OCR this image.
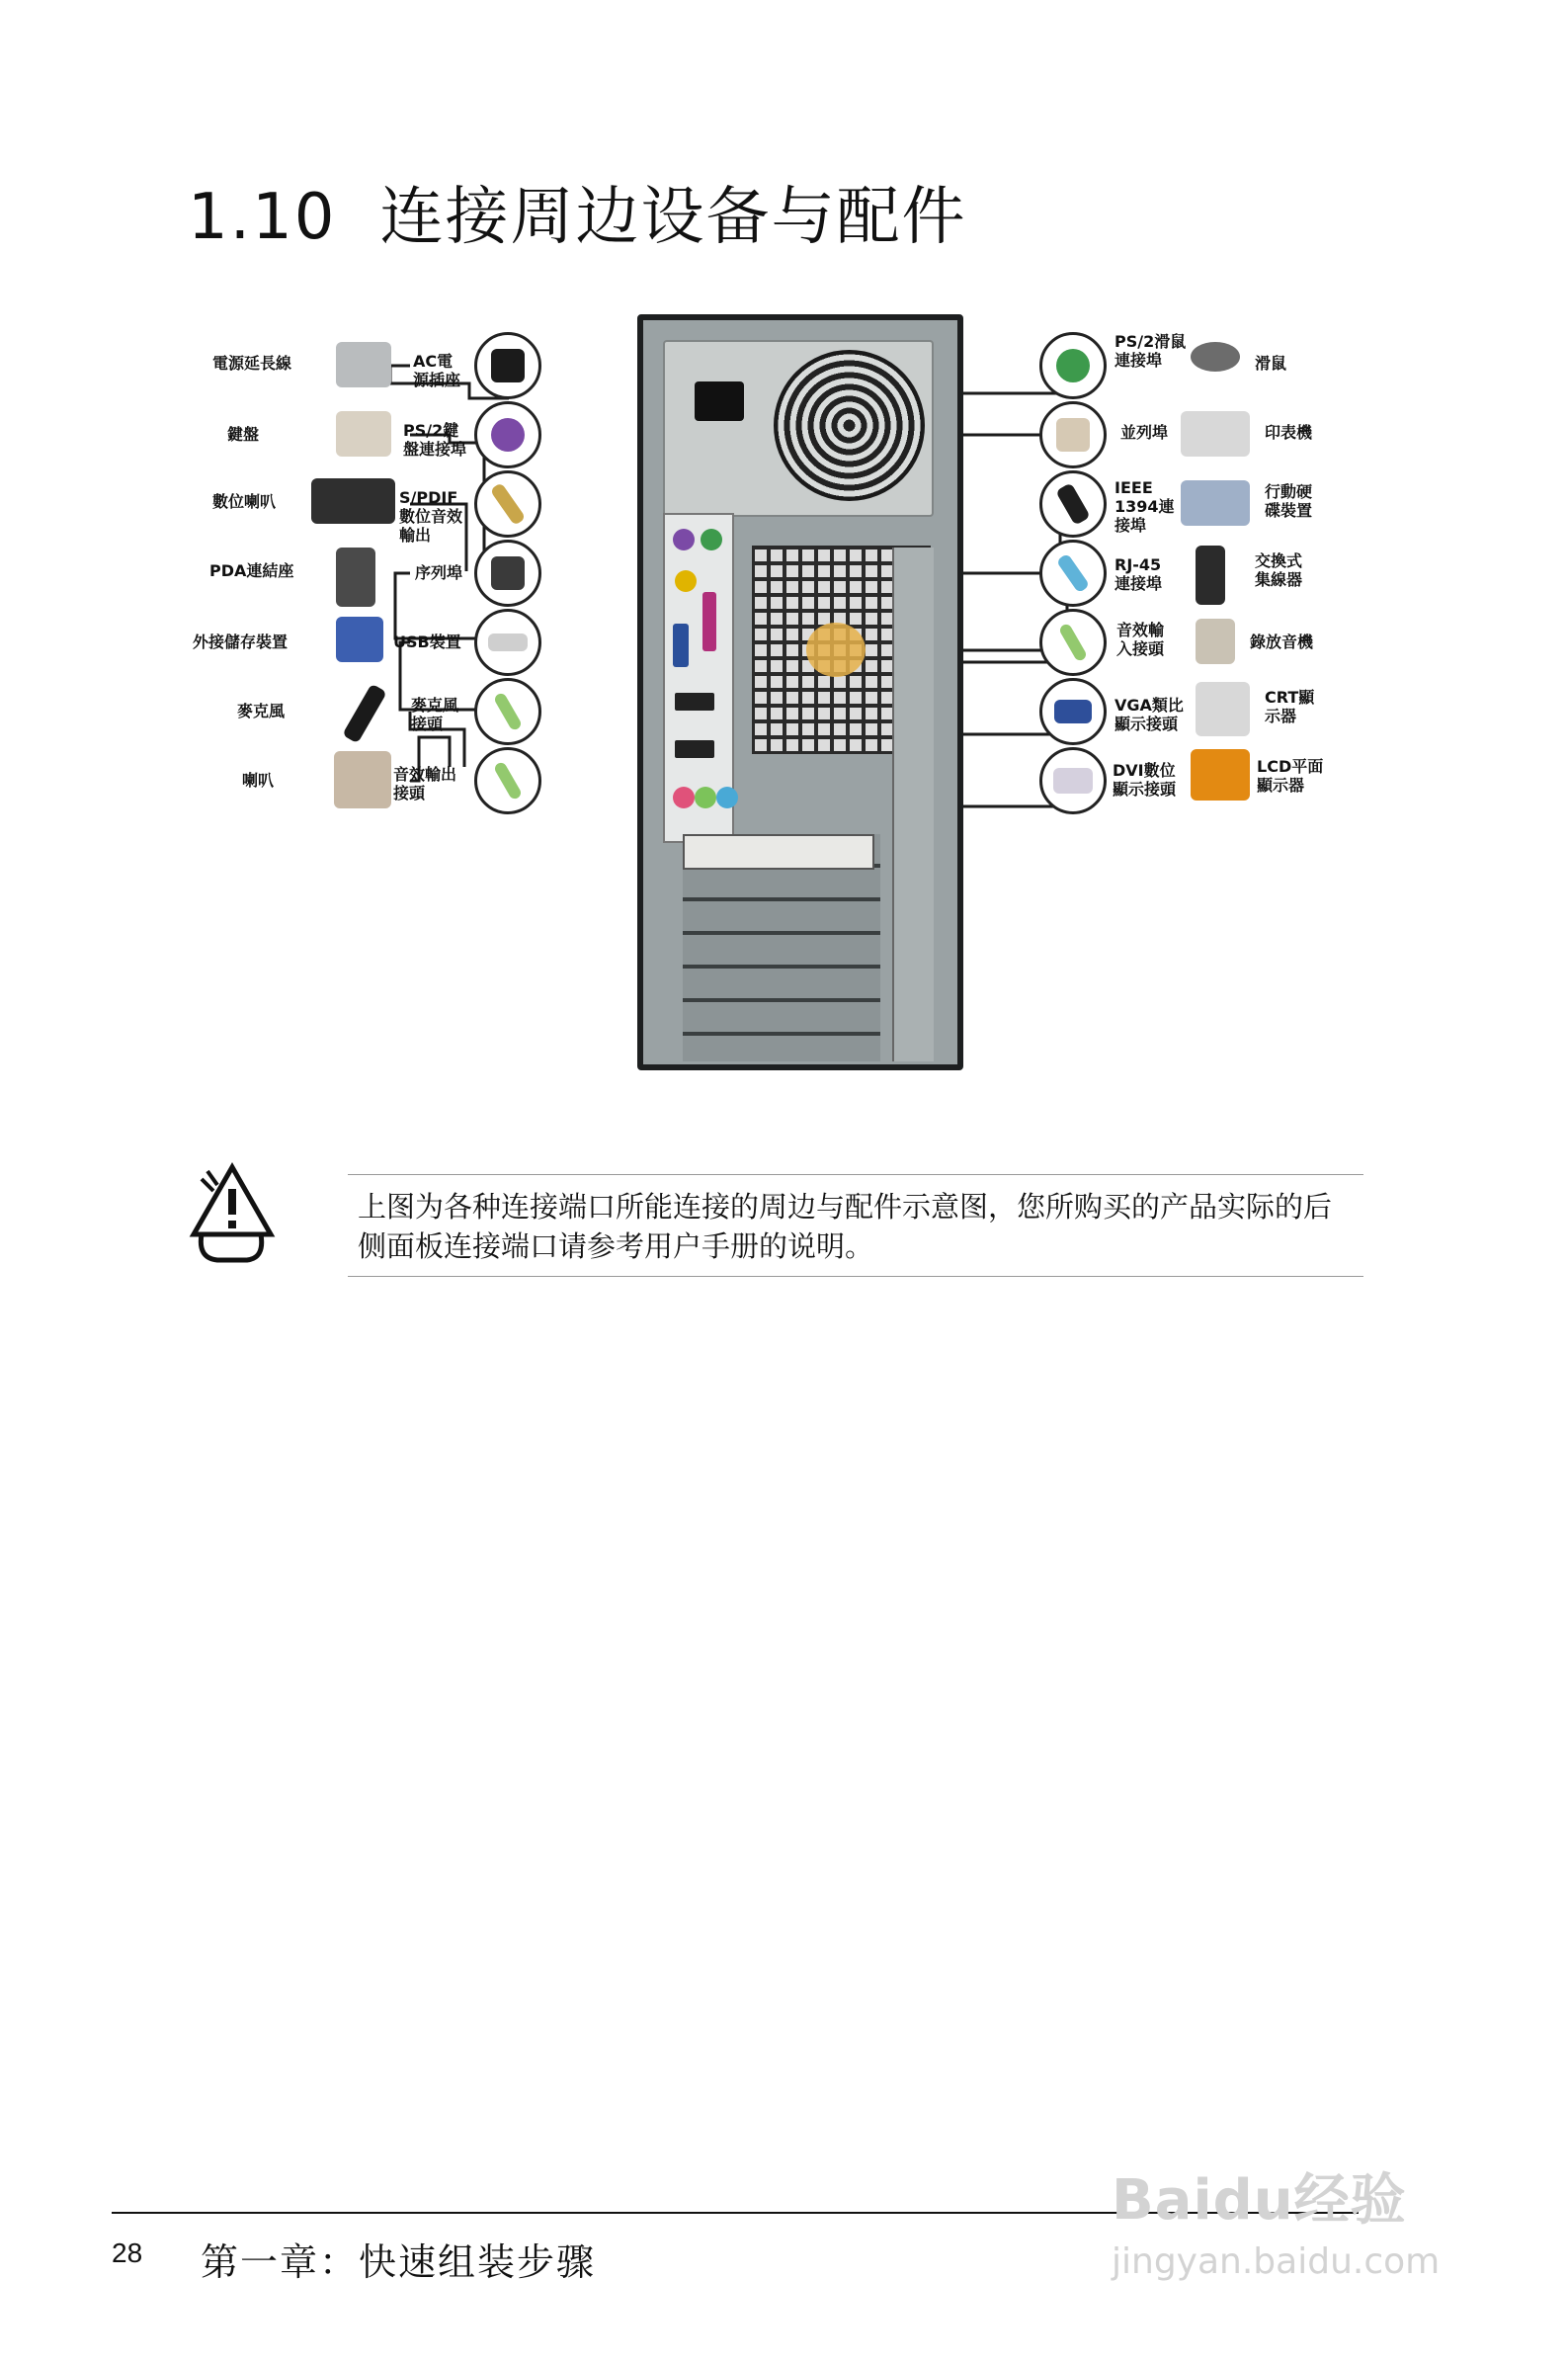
1.10 连接周边设备与配件
電源延長線	AC電
源插座
鍵盤	PS/2鍵
盤連接埠
數位喇叭	S/PDIF
數位音效
輸出
PDA連結座	序列埠
外接儲存裝置	USB裝置
麥克風	麥克風
接頭
喇叭	音效輸出
接頭
PS/2滑鼠
連接埠	滑鼠
並列埠	印表機
IEEE
1394連
接埠
行動硬
碟裝置
RJ-45
連接埠
交換式
集線器
音效輸
入接頭	錄放音機
VGA類比
顯示接頭
CRT顯
示器
DVI數位
顯示接頭
LCD平面
顯示器
上图为各种连接端口所能连接的周边与配件示意图，您所购买的产品实际的后侧面板连接端口请参考用户手册的说明。
28 第一章：快速组装步骤
Baidu经验
jingyan.baidu.com
